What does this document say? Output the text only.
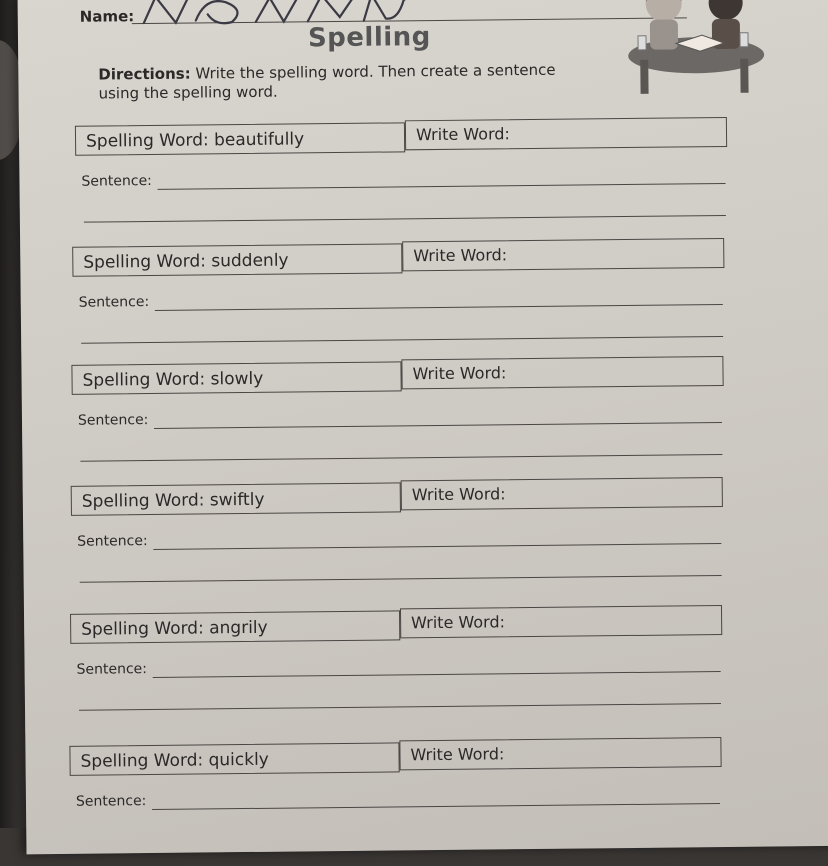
Name:
Spelling
Directions: Write the spelling word. Then create a sentence using the spelling word.
Spelling Word: beautifully	Write Word:
Sentence:
Spelling Word: suddenly	Write Word:
Sentence:
Spelling Word: slowly	Write Word:
Sentence:
Spelling Word: swiftly	Write Word:
Sentence:
Spelling Word: angrily	Write Word:
Sentence:
Spelling Word: quickly	Write Word:
Sentence:
